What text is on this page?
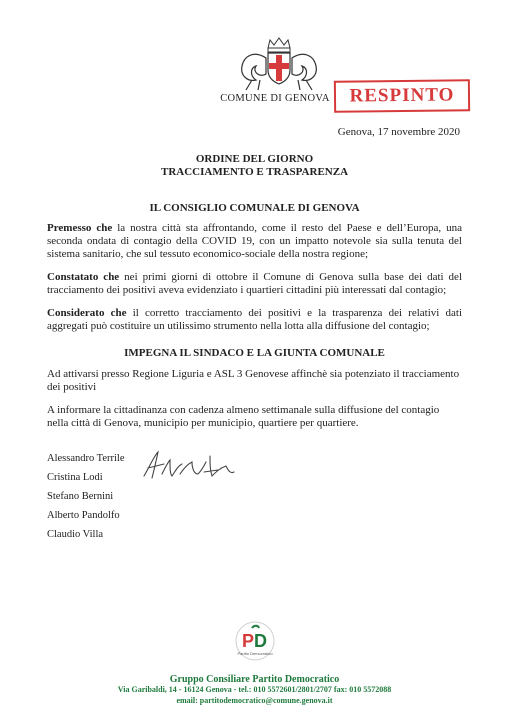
COMUNE DI GENOVA	RESPINTO
Genova, 17 novembre 2020
ORDINE DEL GIORNO
TRACCIAMENTO E TRASPARENZA
IL CONSIGLIO COMUNALE DI GENOVA
Premesso che la nostra città sta affrontando, come il resto del Paese e dell’Europa, una seconda ondata di contagio della COVID 19, con un impatto notevole sia sulla tenuta del sistema sanitario, che sul tessuto economico-sociale della nostra regione;
Constatato che nei primi giorni di ottobre il Comune di Genova sulla base dei dati del tracciamento dei positivi aveva evidenziato i quartieri cittadini più interessati dal contagio;
Considerato che il corretto tracciamento dei positivi e la trasparenza dei relativi dati aggregati può costituire un utilissimo strumento nella lotta alla diffusione del contagio;
IMPEGNA IL SINDACO E LA GIUNTA COMUNALE
Ad attivarsi presso Regione Liguria e ASL 3 Genovese affinchè sia potenziato il tracciamento dei positivi
A informare la cittadinanza con cadenza almeno settimanale sulla diffusione del contagio nella città di Genova, municipio per municipio, quartiere per quartiere.
Alessandro Terrile
Cristina Lodi
Stefano Bernini
Alberto Pandolfo
Claudio Villa
P D
Partito Democratico
Gruppo Consiliare Partito Democratico
Via Garibaldi, 14 - 16124 Genova - tel.: 010 5572601/2801/2707 fax: 010 5572088
email: partitodemocratico@comune.genova.it
